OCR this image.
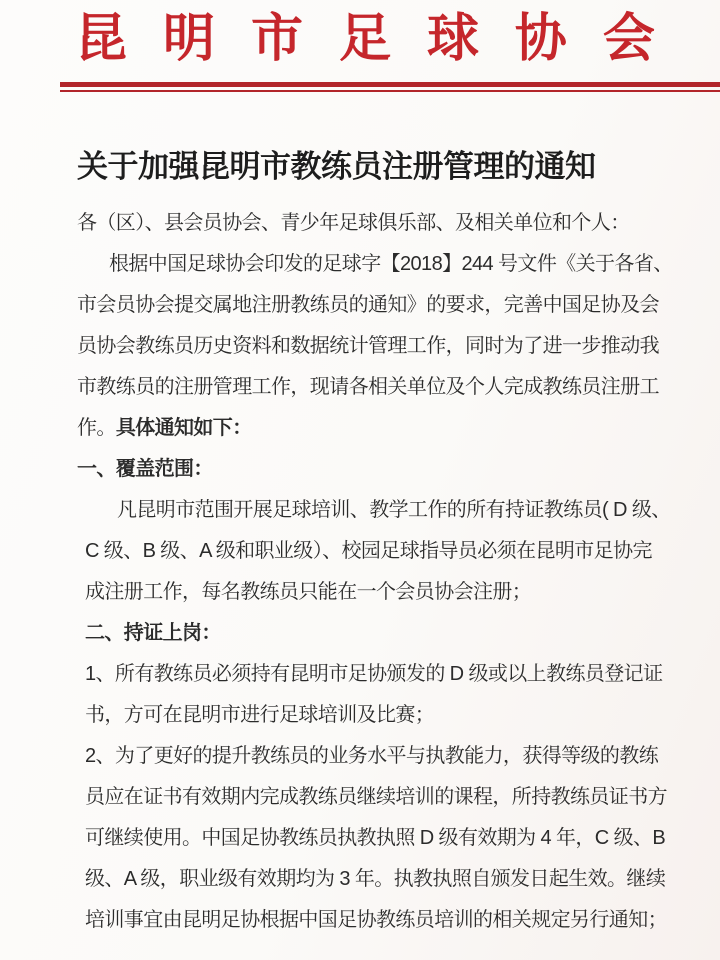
昆 明 市 足 球 协 会
关于加强昆明市教练员注册管理的通知
各（区）、县会员协会、青少年足球俱乐部、及相关单位和个人：
根据中国足球协会印发的足球字【2018】244 号文件《关于各省、
市会员协会提交属地注册教练员的通知》的要求，完善中国足协及会
员协会教练员历史资料和数据统计管理工作，同时为了进一步推动我
市教练员的注册管理工作，现请各相关单位及个人完成教练员注册工
作。具体通知如下：
一、覆盖范围：
凡昆明市范围开展足球培训、教学工作的所有持证教练员( D 级、
C 级、B 级、A 级和职业级）、校园足球指导员必须在昆明市足协完
成注册工作，每名教练员只能在一个会员协会注册；
二、持证上岗：
1、所有教练员必须持有昆明市足协颁发的 D 级或以上教练员登记证
书，方可在昆明市进行足球培训及比赛；
2、为了更好的提升教练员的业务水平与执教能力，获得等级的教练
员应在证书有效期内完成教练员继续培训的课程，所持教练员证书方
可继续使用。中国足协教练员执教执照 D 级有效期为 4 年，C 级、B
级、A 级，职业级有效期均为 3 年。执教执照自颁发日起生效。继续
培训事宜由昆明足协根据中国足协教练员培训的相关规定另行通知；
